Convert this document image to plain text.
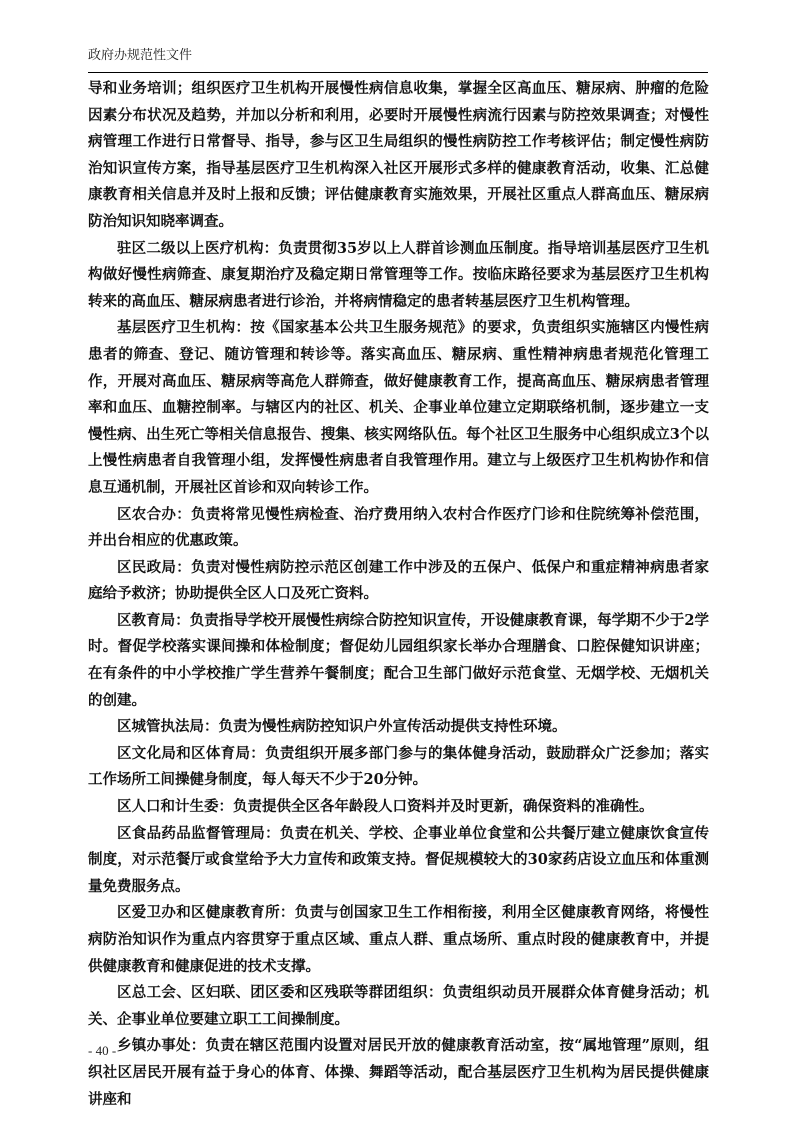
政府办规范性文件

导和业务培训；组织医疗卫生机构开展慢性病信息收集，掌握全区高血压、糖尿病、肿瘤的危险因素分布状况及趋势，并加以分析和利用，必要时开展慢性病流行因素与防控效果调查；对慢性病管理工作进行日常督导、指导，参与区卫生局组织的慢性病防控工作考核评估；制定慢性病防治知识宣传方案，指导基层医疗卫生机构深入社区开展形式多样的健康教育活动，收集、汇总健康教育相关信息并及时上报和反馈；评估健康教育实施效果，开展社区重点人群高血压、糖尿病防治知识知晓率调查。

驻区二级以上医疗机构：负责贯彻35岁以上人群首诊测血压制度。指导培训基层医疗卫生机构做好慢性病筛查、康复期治疗及稳定期日常管理等工作。按临床路径要求为基层医疗卫生机构转来的高血压、糖尿病患者进行诊治，并将病情稳定的患者转基层医疗卫生机构管理。

基层医疗卫生机构：按《国家基本公共卫生服务规范》的要求，负责组织实施辖区内慢性病患者的筛查、登记、随访管理和转诊等。落实高血压、糖尿病、重性精神病患者规范化管理工作，开展对高血压、糖尿病等高危人群筛查，做好健康教育工作，提高高血压、糖尿病患者管理率和血压、血糖控制率。与辖区内的社区、机关、企事业单位建立定期联络机制，逐步建立一支慢性病、出生死亡等相关信息报告、搜集、核实网络队伍。每个社区卫生服务中心组织成立3个以上慢性病患者自我管理小组，发挥慢性病患者自我管理作用。建立与上级医疗卫生机构协作和信息互通机制，开展社区首诊和双向转诊工作。

区农合办：负责将常见慢性病检查、治疗费用纳入农村合作医疗门诊和住院统筹补偿范围，并出台相应的优惠政策。

区民政局：负责对慢性病防控示范区创建工作中涉及的五保户、低保户和重症精神病患者家庭给予救济；协助提供全区人口及死亡资料。

区教育局：负责指导学校开展慢性病综合防控知识宣传，开设健康教育课，每学期不少于2学时。督促学校落实课间操和体检制度；督促幼儿园组织家长举办合理膳食、口腔保健知识讲座；在有条件的中小学校推广学生营养午餐制度；配合卫生部门做好示范食堂、无烟学校、无烟机关的创建。

区城管执法局：负责为慢性病防控知识户外宣传活动提供支持性环境。

区文化局和区体育局：负责组织开展多部门参与的集体健身活动，鼓励群众广泛参加；落实工作场所工间操健身制度，每人每天不少于20分钟。

区人口和计生委：负责提供全区各年龄段人口资料并及时更新，确保资料的准确性。

区食品药品监督管理局：负责在机关、学校、企事业单位食堂和公共餐厅建立健康饮食宣传制度，对示范餐厅或食堂给予大力宣传和政策支持。督促规模较大的30家药店设立血压和体重测量免费服务点。

区爱卫办和区健康教育所：负责与创国家卫生工作相衔接，利用全区健康教育网络，将慢性病防治知识作为重点内容贯穿于重点区域、重点人群、重点场所、重点时段的健康教育中，并提供健康教育和健康促进的技术支撑。

区总工会、区妇联、团区委和区残联等群团组织：负责组织动员开展群众体育健身活动；机关、企事业单位要建立职工工间操制度。

乡镇办事处：负责在辖区范围内设置对居民开放的健康教育活动室，按“属地管理”原则，组织社区居民开展有益于身心的体育、体操、舞蹈等活动，配合基层医疗卫生机构为居民提供健康讲座和

- 40 -
